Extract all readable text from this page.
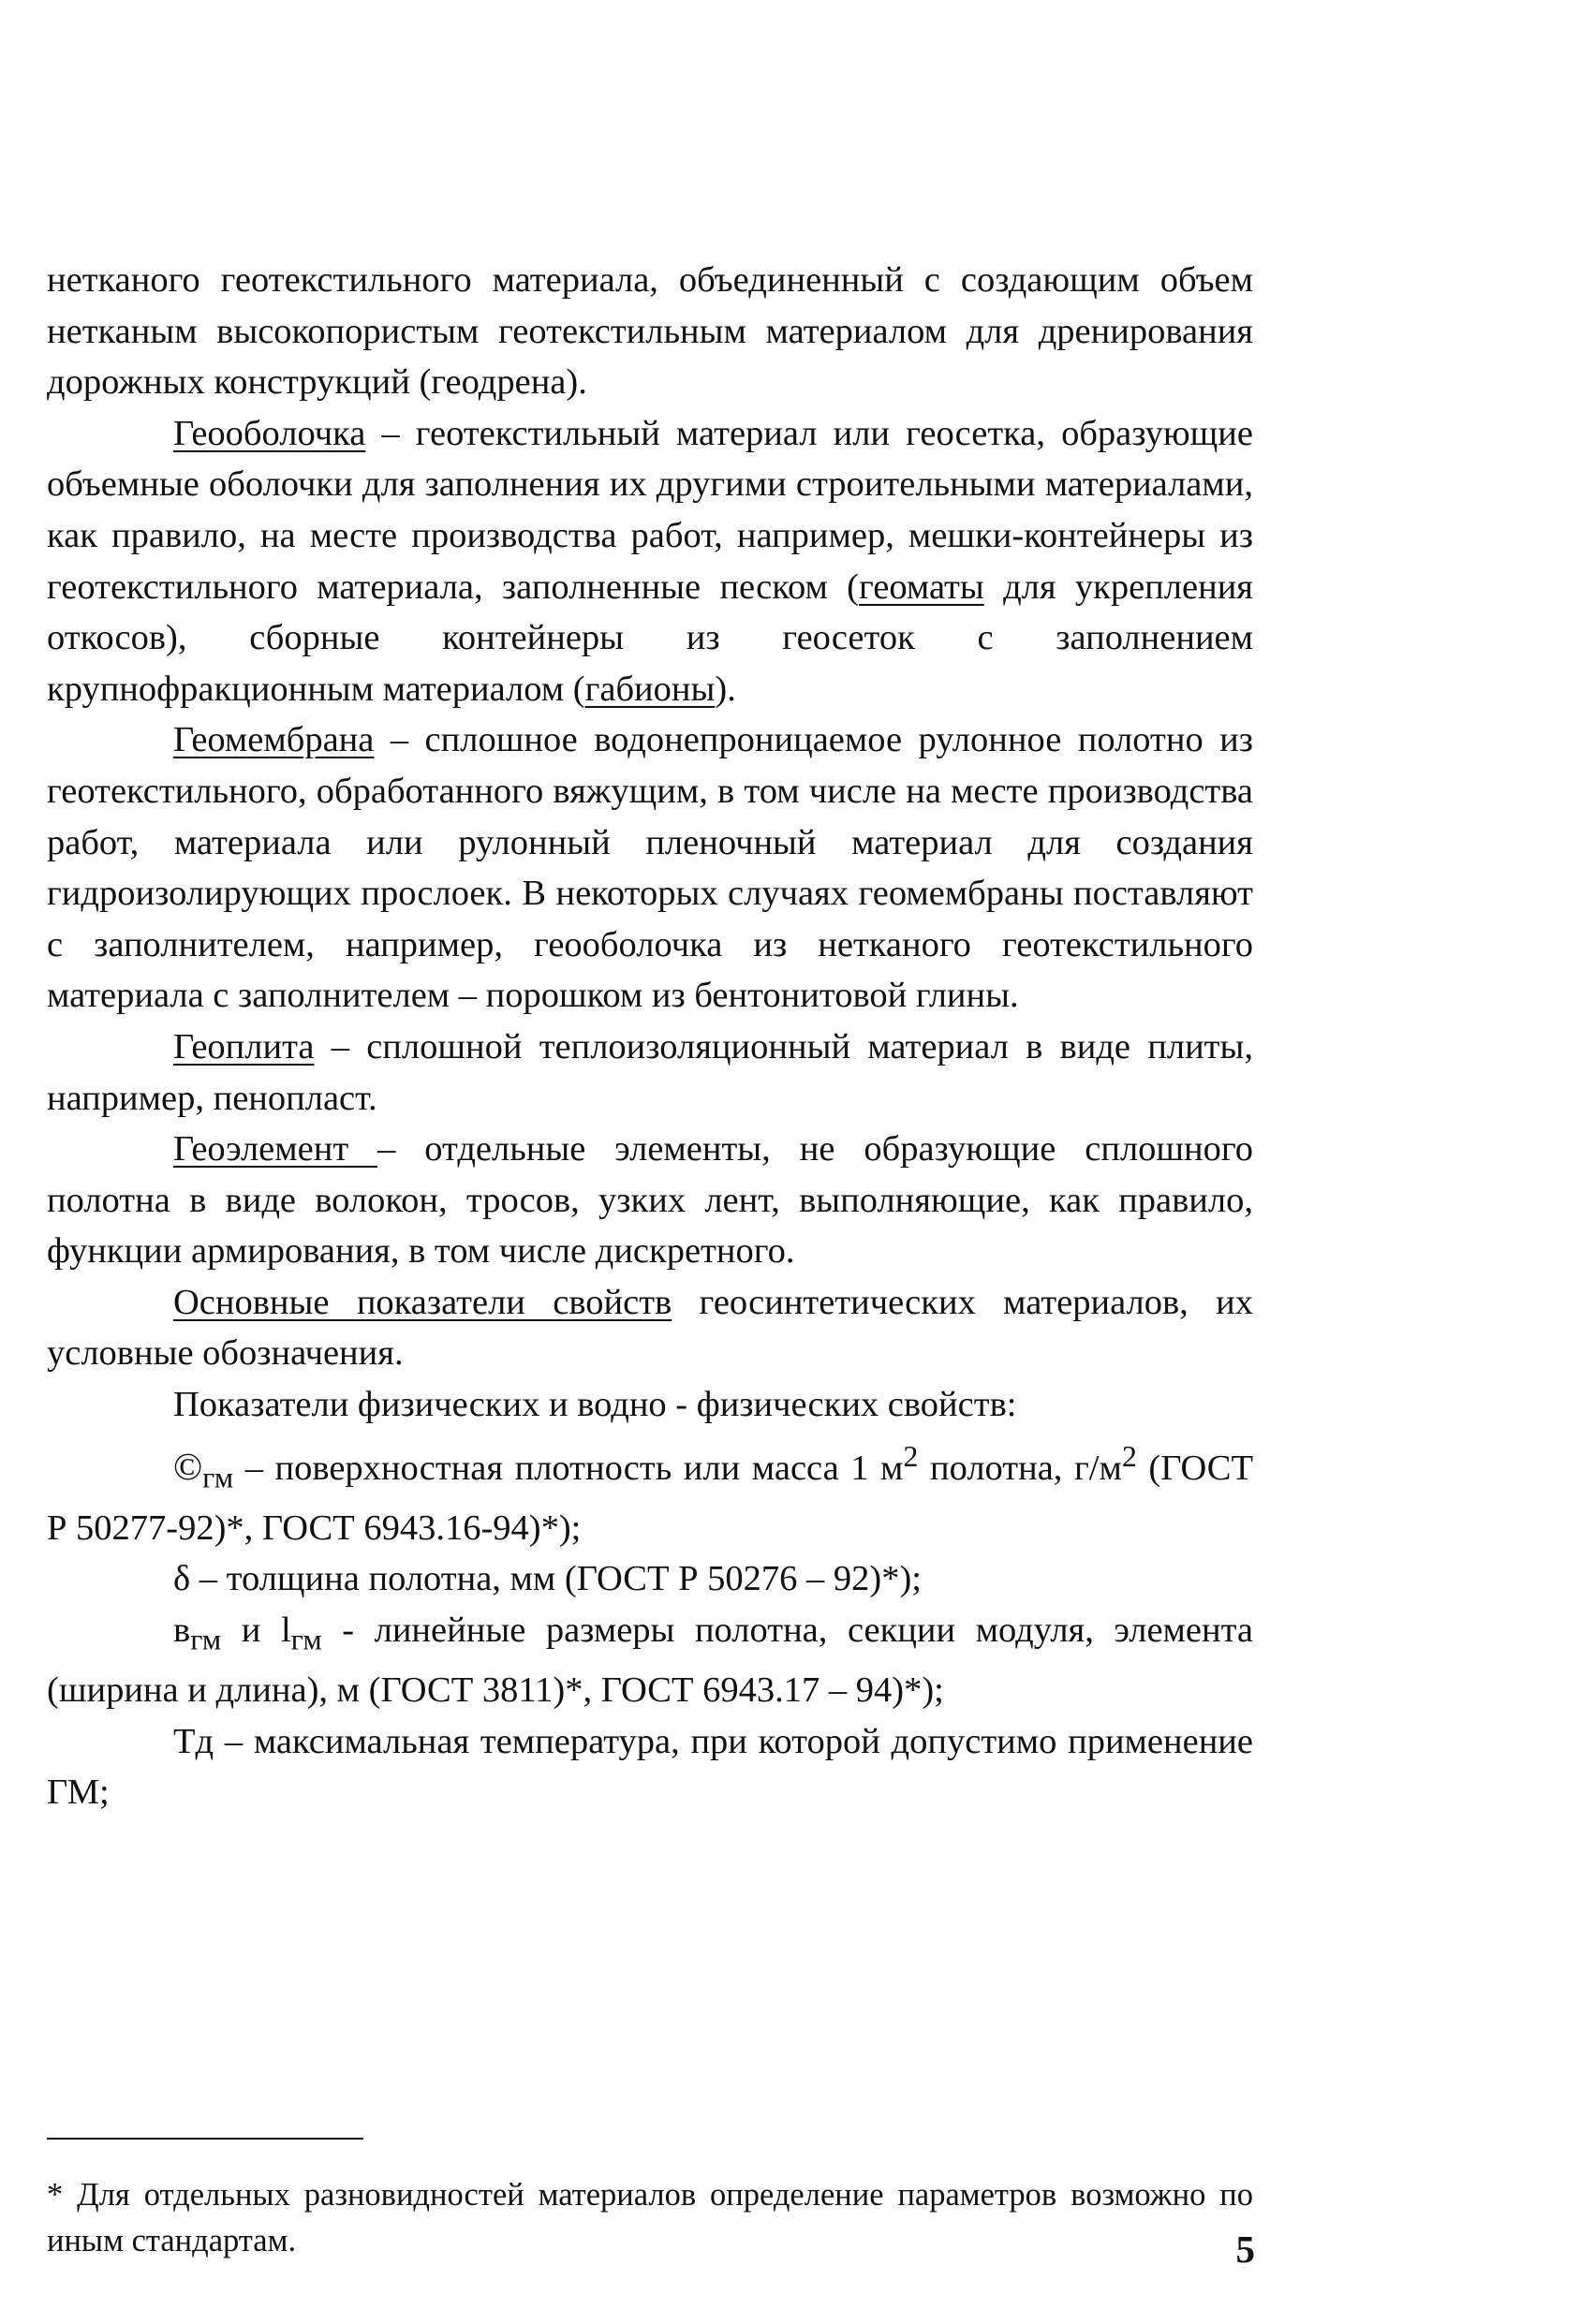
нетканого геотекстильного материала, объединенный с создающим объем нетканым высокопористым геотекстильным материалом для дренирования дорожных конструкций (геодрена).

Геооболочка – геотекстильный материал или геосетка, образующие объемные оболочки для заполнения их другими строительными материалами, как правило, на месте производства работ, например, мешки-контейнеры из геотекстильного материала, заполненные песком (геоматы для укрепления откосов), сборные контейнеры из геосеток с заполнением крупнофракционным материалом (габионы).

Геомембрана – сплошное водонепроницаемое рулонное полотно из геотекстильного, обработанного вяжущим, в том числе на месте производства работ, материала или рулонный пленочный материал для создания гидроизолирующих прослоек. В некоторых случаях геомембраны поставляют с заполнителем, например, геооболочка из нетканого геотекстильного материала с заполнителем – порошком из бентонитовой глины.

Геоплита – сплошной теплоизоляционный материал в виде плиты, например, пенопласт.

Геоэлемент – отдельные элементы, не образующие сплошного полотна в виде волокон, тросов, узких лент, выполняющие, как правило, функции армирования, в том числе дискретного.

Основные показатели свойств геосинтетических материалов, их условные обозначения.

Показатели физических и водно - физических свойств:

$©_{гм}$ – поверхностная плотность или масса 1 $м^2$ полотна, $г/м^2$ (ГОСТ Р 50277-92)*, ГОСТ 6943.16-94)*);

δ – толщина полотна, мм (ГОСТ Р 50276 – 92)*);

$в_{гм}$ и $l_{гм}$ - линейные размеры полотна, секции модуля, элемента (ширина и длина), м (ГОСТ 3811)*, ГОСТ 6943.17 – 94)*);

Тд – максимальная температура, при которой допустимо применение ГМ;

* Для отдельных разновидностей материалов определение параметров возможно по иным стандартам.	5
